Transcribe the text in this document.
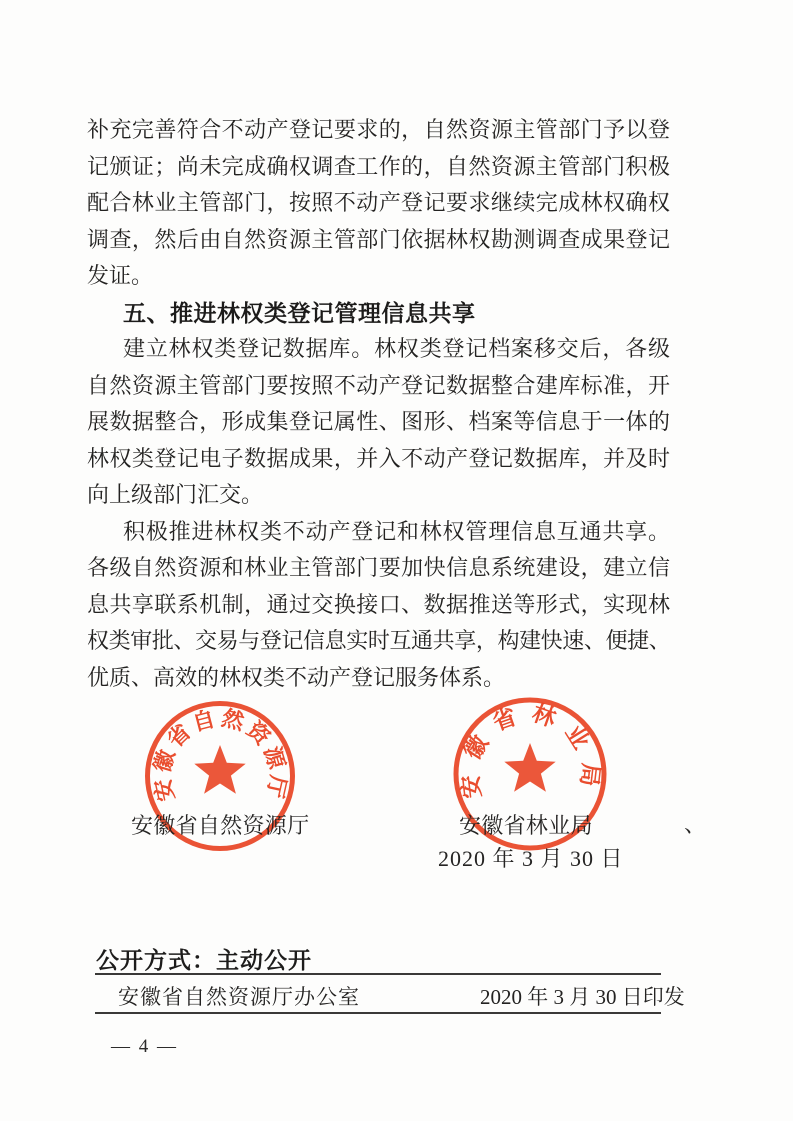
补充完善符合不动产登记要求的，自然资源主管部门予以登
记颁证；尚未完成确权调查工作的，自然资源主管部门积极
配合林业主管部门，按照不动产登记要求继续完成林权确权
调查，然后由自然资源主管部门依据林权勘测调查成果登记
发证。
五、推进林权类登记管理信息共享
建立林权类登记数据库。林权类登记档案移交后，各级
自然资源主管部门要按照不动产登记数据整合建库标准，开
展数据整合，形成集登记属性、图形、档案等信息于一体的
林权类登记电子数据成果，并入不动产登记数据库，并及时
向上级部门汇交。
积极推进林权类不动产登记和林权管理信息互通共享。
各级自然资源和林业主管部门要加快信息系统建设，建立信
息共享联系机制，通过交换接口、数据推送等形式，实现林
权类审批、交易与登记信息实时互通共享，构建快速、便捷、
优质、高效的林权类不动产登记服务体系。
安徽省自然资源厅	安徽省林业局
安徽省自然资源厅	安徽省林业局
2020 年 3 月 30 日
、
公开方式：主动公开
安徽省自然资源厅办公室	2020 年 3 月 30 日印发
— 4 —
